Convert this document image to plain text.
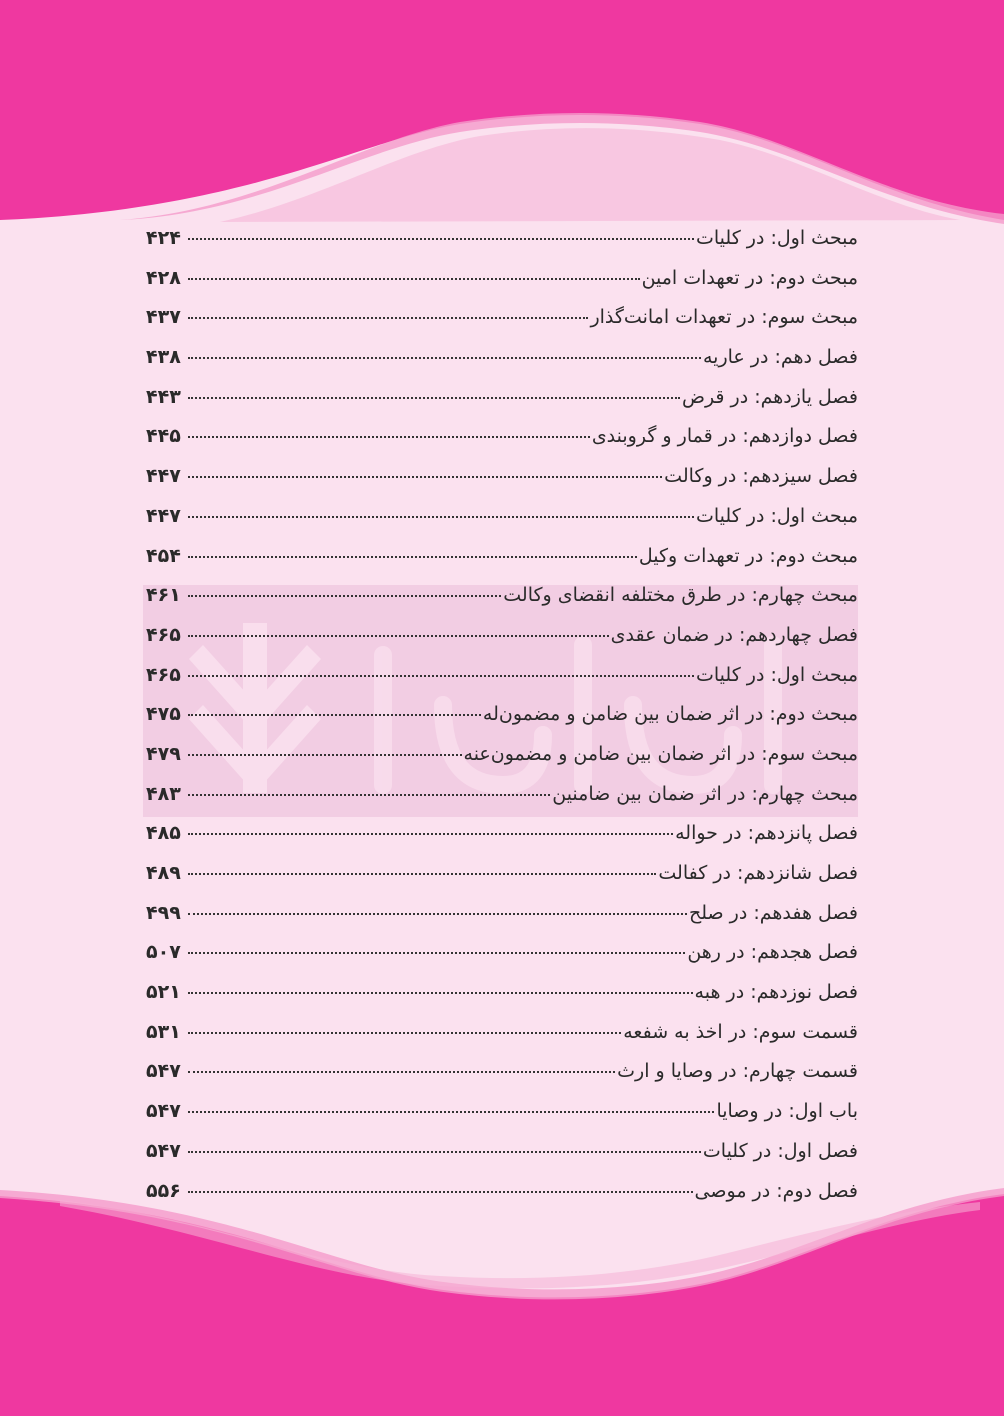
مبحث اول: در کلیات
۴۲۴
مبحث دوم: در تعهدات امین
۴۲۸
مبحث سوم: در تعهدات امانت‌گذار
۴۳۷
فصل دهم: در عاریه
۴۳۸
فصل یازدهم: در قرض
۴۴۳
فصل دوازدهم: در قمار و گروبندی
۴۴۵
فصل سیزدهم: در وکالت
۴۴۷
مبحث اول: در کلیات
۴۴۷
مبحث دوم: در تعهدات وکیل
۴۵۴
مبحث چهارم: در طرق مختلفه انقضای وکالت
۴۶۱
فصل چهاردهم: در ضمان عقدی
۴۶۵
مبحث اول: در کلیات
۴۶۵
مبحث دوم: در اثر ضمان بین ضامن و مضمون‌له
۴۷۵
مبحث سوم: در اثر ضمان بین ضامن و مضمون‌عنه
۴۷۹
مبحث چهارم: در اثر ضمان بین ضامنین
۴۸۳
فصل پانزدهم: در حواله
۴۸۵
فصل شانزدهم: در کفالت
۴۸۹
فصل هفدهم: در صلح
۴۹۹
فصل هجدهم: در رهن
۵۰۷
فصل نوزدهم: در هبه
۵۲۱
قسمت سوم: در اخذ به شفعه
۵۳۱
قسمت چهارم: در وصایا و ارث
۵۴۷
باب اول: در وصایا
۵۴۷
فصل اول: در کلیات
۵۴۷
فصل دوم: در موصی
۵۵۶
